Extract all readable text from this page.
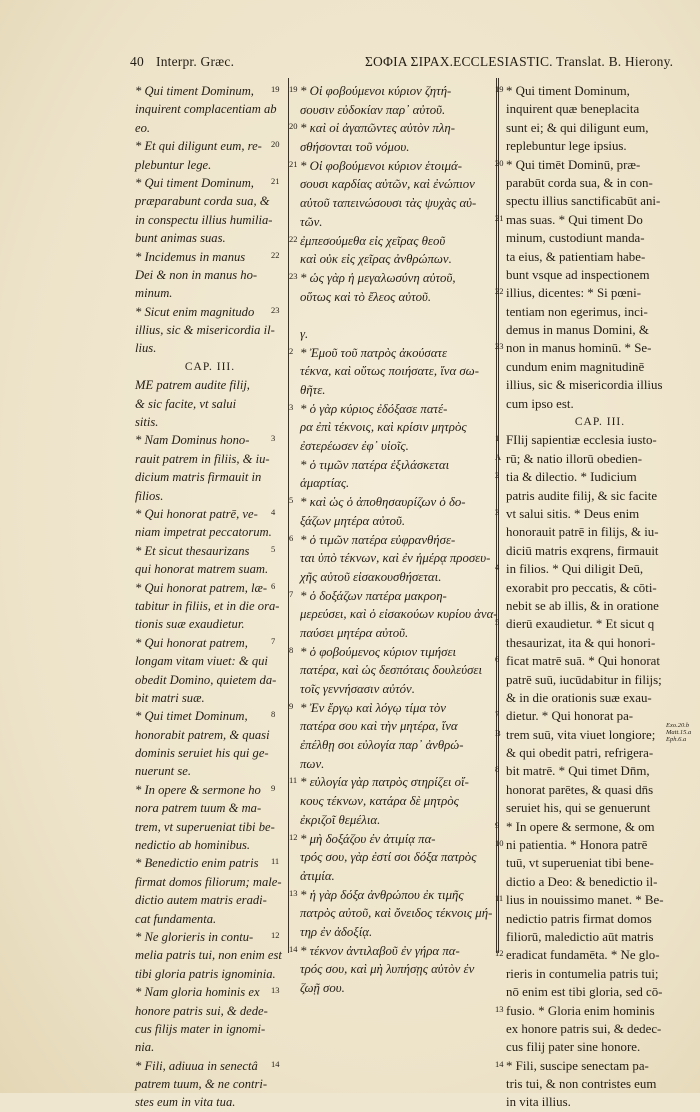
40 Interpr. Græc.	ΣΟΦΙΑ ΣΙΡΑΧ. ECCLESIASTIC. Translat. B. Hierony.
19
* Qui timent Dominum,
inquirent complacentiam ab
eo.
20
* Et qui diligunt eum, re-
plebuntur lege.
21
* Qui timent Dominum,
præparabunt corda sua, &
in conspectu illius humilia-
bunt animas suas.
22
* Incidemus in manus
Dei & non in manus ho-
minum.
23
* Sicut enim magnitudo
illius, sic & misericordia il-
lius.
CAP. III.
ME patrem audite filij,
& sic facite, vt salui
sitis.
3
* Nam Dominus hono-
rauit patrem in filiis, & iu-
dicium matris firmauit in
filios.
4
* Qui honorat patrē, ve-
niam impetrat peccatorum.
5
* Et sicut thesaurizans
qui honorat matrem suam.
6
* Qui honorat patrem, læ-
tabitur in filiis, et in die ora-
tionis suæ exaudietur.
7
* Qui honorat patrem,
longam vitam viuet: & qui
obedit Domino, quietem da-
bit matri suæ.
8
* Qui timet Dominum,
honorabit patrem, & quasi
dominis seruiet his qui ge-
nuerunt se.
9
* In opere & sermone ho
nora patrem tuum & ma-
trem, vt superueniat tibi be-
nedictio ab hominibus.
11
* Benedictio enim patris
firmat domos filiorum; male-
dictio autem matris eradi-
cat fundamenta.
12
* Ne glorieris in contu-
melia patris tui, non enim est
tibi gloria patris ignominia.
13
* Nam gloria hominis ex
honore patris sui, & dede-
cus filijs mater in ignomi-
nia.
14
* Fili, adiuua in senectâ
patrem tuum, & ne contri-
stes eum in vita tua.
19 * Οἱ φοβούμενοι κύριον ζητή-
σουσιν εὐδοκίαν παρ᾽ αὐτοῦ.
20 * καὶ οἱ ἀγαπῶντες αὐτὸν πλη-
σθήσονται τοῦ νόμου.
21 * Οἱ φοβούμενοι κύριον ἑτοιμά-
σουσι καρδίας αὐτῶν, καὶ ἐνώπιον
αὐτοῦ ταπεινώσουσι τὰς ψυχὰς αὐ-
τῶν.
22 ἐμπεσούμεθα εἰς χεῖρας θεοῦ
καὶ οὐκ εἰς χεῖρας ἀνθρώπων.
23 * ὡς γὰρ ἡ μεγαλωσύνη αὐτοῦ,
οὕτως καὶ τὸ ἔλεος αὐτοῦ.
γ.
2 * Ἐμοῦ τοῦ πατρὸς ἀκούσατε
τέκνα, καὶ οὕτως ποιήσατε, ἵνα σω-
θῆτε.
3 * ὁ γὰρ κύριος ἐδόξασε πατέ-
ρα ἐπὶ τέκνοις, καὶ κρίσιν μητρὸς
ἐστερέωσεν ἐφ᾽ υἱοῖς.
* ὁ τιμῶν πατέρα ἐξιλάσκεται
ἁμαρτίας.
5 * καὶ ὡς ὁ ἀποθησαυρίζων ὁ δο-
ξάζων μητέρα αὐτοῦ.
6 * ὁ τιμῶν πατέρα εὐφρανθήσε-
ται ὑπὸ τέκνων, καὶ ἐν ἡμέρᾳ προσευ-
χῆς αὐτοῦ εἰσακουσθήσεται.
7 * ὁ δοξάζων πατέρα μακροη-
μερεύσει, καὶ ὁ εἰσακούων κυρίου ἀνα-
παύσει μητέρα αὐτοῦ.
8 * ὁ φοβούμενος κύριον τιμήσει
πατέρα, καὶ ὡς δεσπόταις δουλεύσει
τοῖς γεννήσασιν αὐτόν.
9 * Ἐν ἔργῳ καὶ λόγῳ τίμα τὸν
πατέρα σου καὶ τὴν μητέρα, ἵνα
ἐπέλθῃ σοι εὐλογία παρ᾽ ἀνθρώ-
πων.
11 * εὐλογία γὰρ πατρὸς στηρίζει οἴ-
κους τέκνων, κατάρα δὲ μητρὸς
ἐκριζοῖ θεμέλια.
12 * μὴ δοξάζου ἐν ἀτιμίᾳ πα-
τρός σου, γὰρ ἐστί σοι δόξα πατρὸς
ἀτιμία.
13 * ἡ γὰρ δόξα ἀνθρώπου ἐκ τιμῆς
πατρὸς αὐτοῦ, καὶ ὄνειδος τέκνοις μή-
τηρ ἐν ἀδοξίᾳ.
14 * τέκνον ἀντιλαβοῦ ἐν γήρα πα-
τρός σου, καὶ μὴ λυπήσῃς αὐτὸν ἐν
ζωῇ σου.
19 * Qui timent Dominum,
inquirent quæ beneplacita
sunt ei; & qui diligunt eum,
replebuntur lege ipsius.
20 * Qui timēt Dominū, præ-
parabūt corda sua, & in con-
spectu illius sanctificabūt ani-
21 mas suas. * Qui timent Do
minum, custodiunt manda-
ta eius, & patientiam habe-
bunt vsque ad inspectionem
22 illius, dicentes: * Si pœni-
tentiam non egerimus, inci-
demus in manus Domini, &
23 non in manus hominū. * Se-
cundum enim magnitudinē
illius, sic & misericordia illius
cum ipso est.
CAP. III.
1 FIlij sapientiæ ecclesia iusto-
A rū; & natio illorū obedien-
2 tia & dilectio. * Iudicium
patris audite filij, & sic facite
3 vt salui sitis. * Deus enim
honorauit patrē in filijs, & iu-
diciū matris exqrens, firmauit
4 in filios. * Qui diligit Deū,
exorabit pro peccatis, & cōti-
nebit se ab illis, & in oratione
5 dierū exaudietur. * Et sicut q
thesaurizat, ita & qui honori-
6 ficat matrē suā. * Qui honorat
patrē suū, iucūdabitur in filijs;
& in die orationis suæ exau-
7 dietur. * Qui honorat pa-
B trem suū, vita viuet longiore;
& qui obedit patri, refrigera-
8 bit matrē. * Qui timet Dn̄m,
honorat parētes, & quasi dn̄s
seruiet his, qui se genuerunt
9 * In opere & sermone, & om
10 ni patientia. * Honora patrē
tuū, vt superueniat tibi bene-
dictio a Deo: & benedictio il-
11 lius in nouissimo manet. * Be-
nedictio patris firmat domos
filiorū, maledictio aūt matris
12 eradicat fundamēta. * Ne glo-
rieris in contumelia patris tui;
nō enim est tibi gloria, sed cō-
13 fusio. * Gloria enim hominis
ex honore patris sui, & dedec-
cus filij pater sine honore.
14 * Fili, suscipe senectam pa-
tris tui, & non contristes eum
in vita illius.
Exo.20.b Matt.15.a Eph.6.a
